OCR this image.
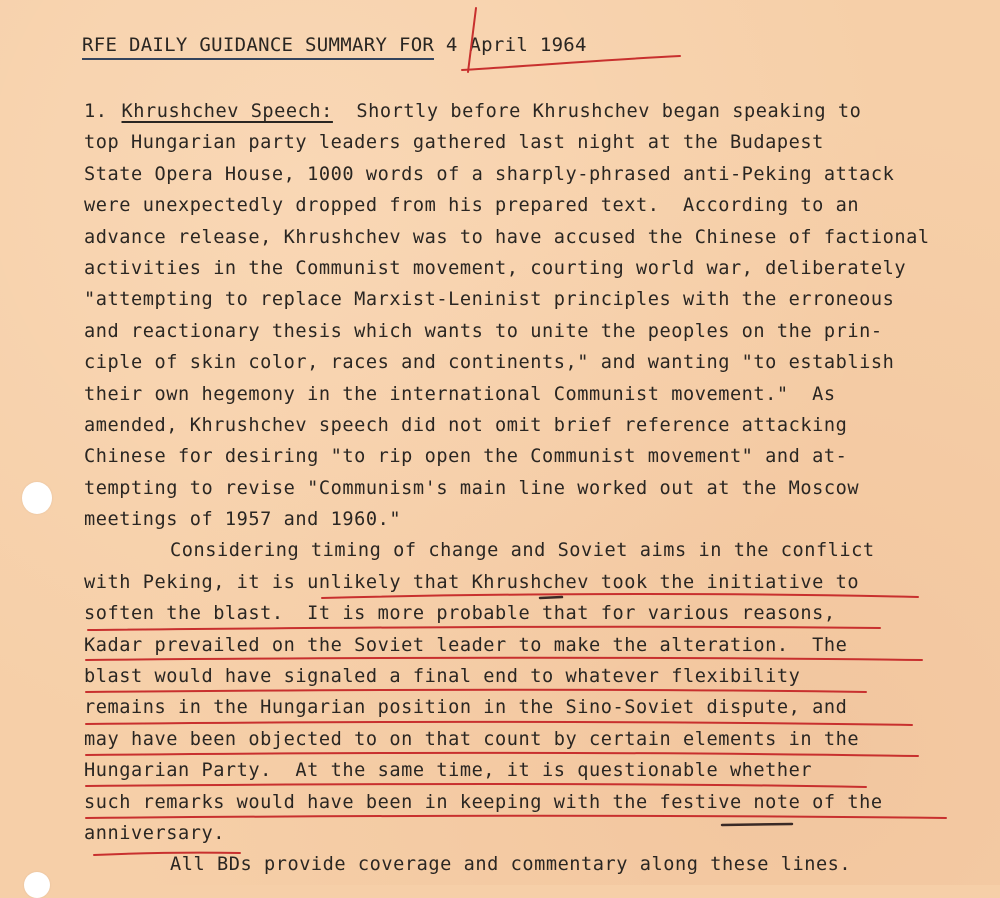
RFE DAILY GUIDANCE SUMMARY FOR 4 April 1964
1. Khrushchev Speech: Shortly before Khrushchev began speaking to
top Hungarian party leaders gathered last night at the Budapest
State Opera House, 1000 words of a sharply-phrased anti-Peking attack
were unexpectedly dropped from his prepared text.  According to an
advance release, Khrushchev was to have accused the Chinese of factional
activities in the Communist movement, courting world war, deliberately
"attempting to replace Marxist-Leninist principles with the erroneous
and reactionary thesis which wants to unite the peoples on the prin-
ciple of skin color, races and continents," and wanting "to establish
their own hegemony in the international Communist movement."  As
amended, Khrushchev speech did not omit brief reference attacking
Chinese for desiring "to rip open the Communist movement" and at-
tempting to revise "Communism's main line worked out at the Moscow
meetings of 1957 and 1960."
Considering timing of change and Soviet aims in the conflict
with Peking, it is unlikely that Khrushchev took the initiative to
soften the blast.  It is more probable that for various reasons,
Kadar prevailed on the Soviet leader to make the alteration.  The
blast would have signaled a final end to whatever flexibility
remains in the Hungarian position in the Sino-Soviet dispute, and
may have been objected to on that count by certain elements in the
Hungarian Party.  At the same time, it is questionable whether
such remarks would have been in keeping with the festive note of the
anniversary.
All BDs provide coverage and commentary along these lines.
